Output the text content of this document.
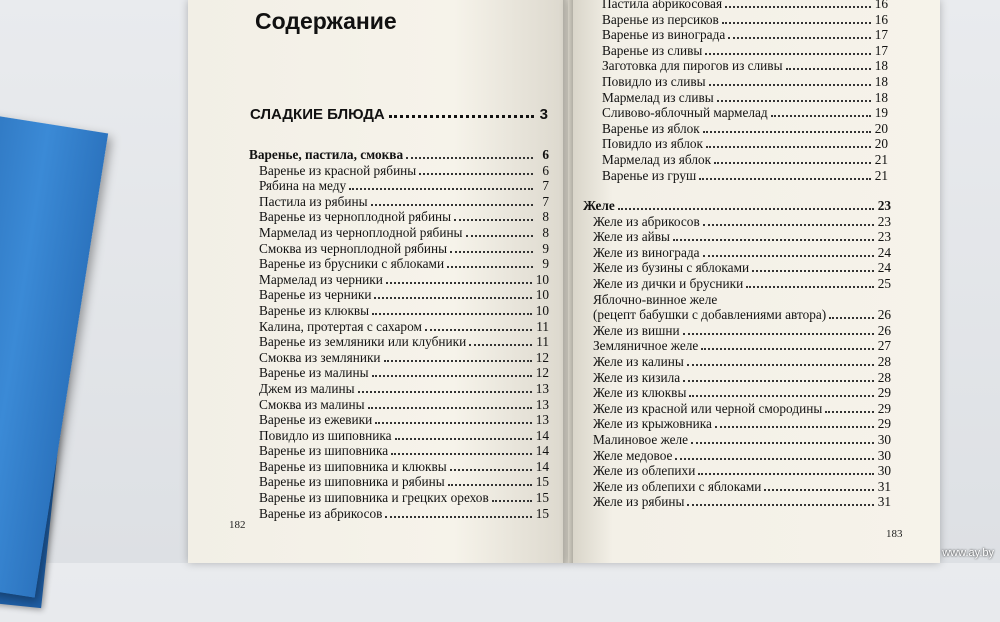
Содержание
СЛАДКИЕ БЛЮДА	3
Варенье, пастила, смоква	6
Варенье из красной рябины	6
Рябина на меду	7
Пастила из рябины	7
Варенье из черноплодной рябины	8
Мармелад из черноплодной рябины	8
Смоква из черноплодной рябины	9
Варенье из брусники с яблоками	9
Мармелад из черники	10
Варенье из черники	10
Варенье из клюквы	10
Калина, протертая с сахаром	11
Варенье из земляники или клубники	11
Смоква из земляники	12
Варенье из малины	12
Джем из малины	13
Смоква из малины	13
Варенье из ежевики	13
Повидло из шиповника	14
Варенье из шиповника	14
Варенье из шиповника и клюквы	14
Варенье из шиповника и рябины	15
Варенье из шиповника и грецких орехов	15
Варенье из абрикосов	15
Пастила абрикосовая	16
Варенье из персиков	16
Варенье из винограда	17
Варенье из сливы	17
Заготовка для пирогов из сливы	18
Повидло из сливы	18
Мармелад из сливы	18
Сливово-яблочный мармелад	19
Варенье из яблок	20
Повидло из яблок	20
Мармелад из яблок	21
Варенье из груш	21
Желе	23
Желе из абрикосов	23
Желе из айвы	23
Желе из винограда	24
Желе из бузины с яблоками	24
Желе из дички и брусники	25
Яблочно-винное желе
(рецепт бабушки с добавлениями автора)	26
Желе из вишни	26
Земляничное желе	27
Желе из калины	28
Желе из кизила	28
Желе из клюквы	29
Желе из красной или черной смородины	29
Желе из крыжовника	29
Малиновое желе	30
Желе медовое	30
Желе из облепихи	30
Желе из облепихи с яблоками	31
Желе из рябины	31
182
183
www.ay.by
